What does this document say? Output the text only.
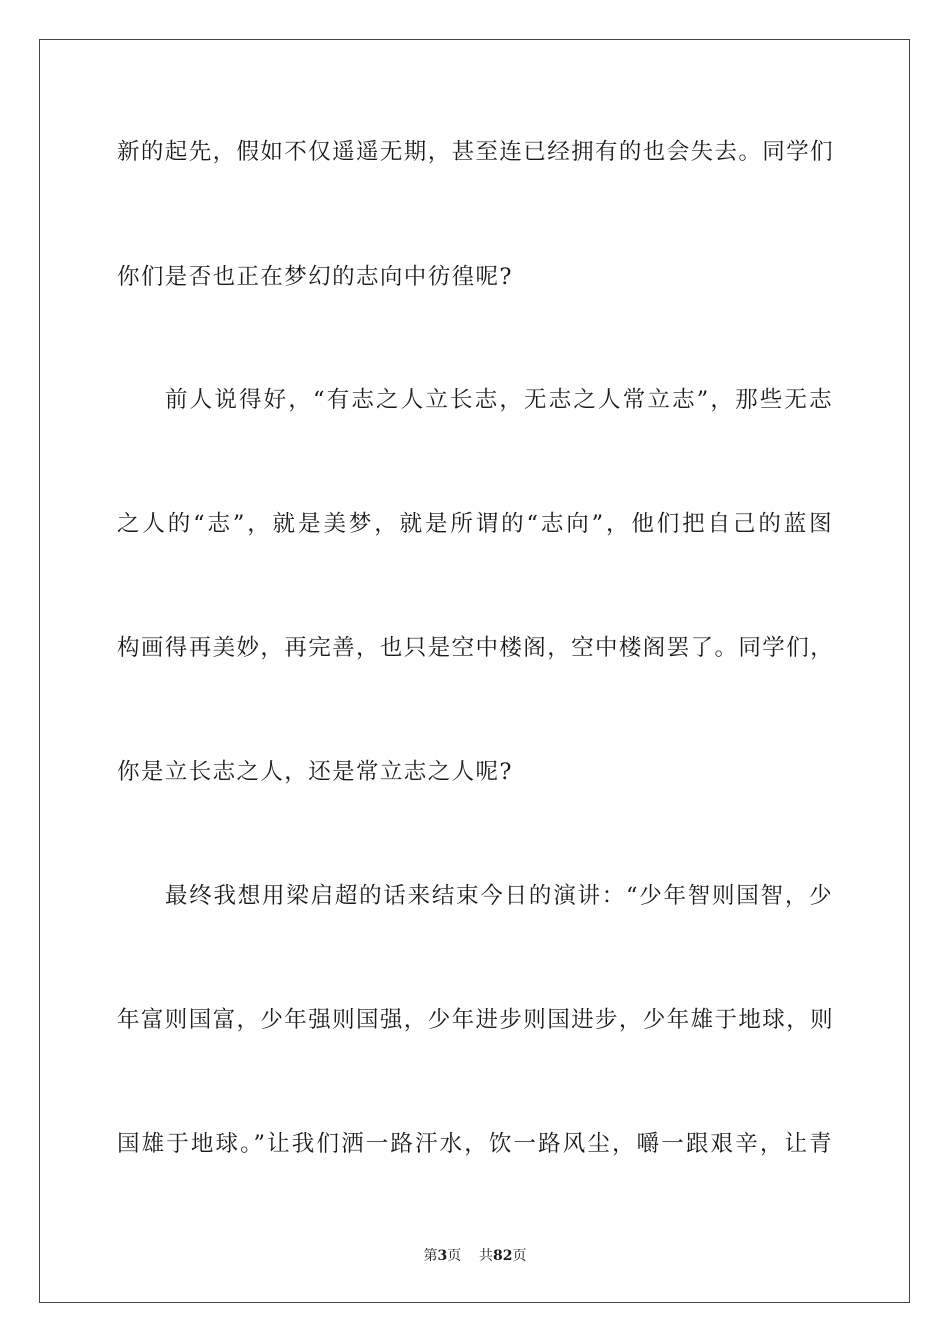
新的起先，假如不仅遥遥无期，甚至连已经拥有的也会失去。同学们
你们是否也正在梦幻的志向中彷徨呢?
前人说得好，“有志之人立长志，无志之人常立志”，那些无志
之人的“志”，就是美梦，就是所谓的“志向”，他们把自己的蓝图
构画得再美妙，再完善，也只是空中楼阁，空中楼阁罢了。同学们，
你是立长志之人，还是常立志之人呢?
最终我想用梁启超的话来结束今日的演讲：“少年智则国智，少
年富则国富，少年强则国强，少年进步则国进步，少年雄于地球，则
国雄于地球。”让我们洒一路汗水，饮一路风尘，嚼一跟艰辛，让青
第3页 共82页
